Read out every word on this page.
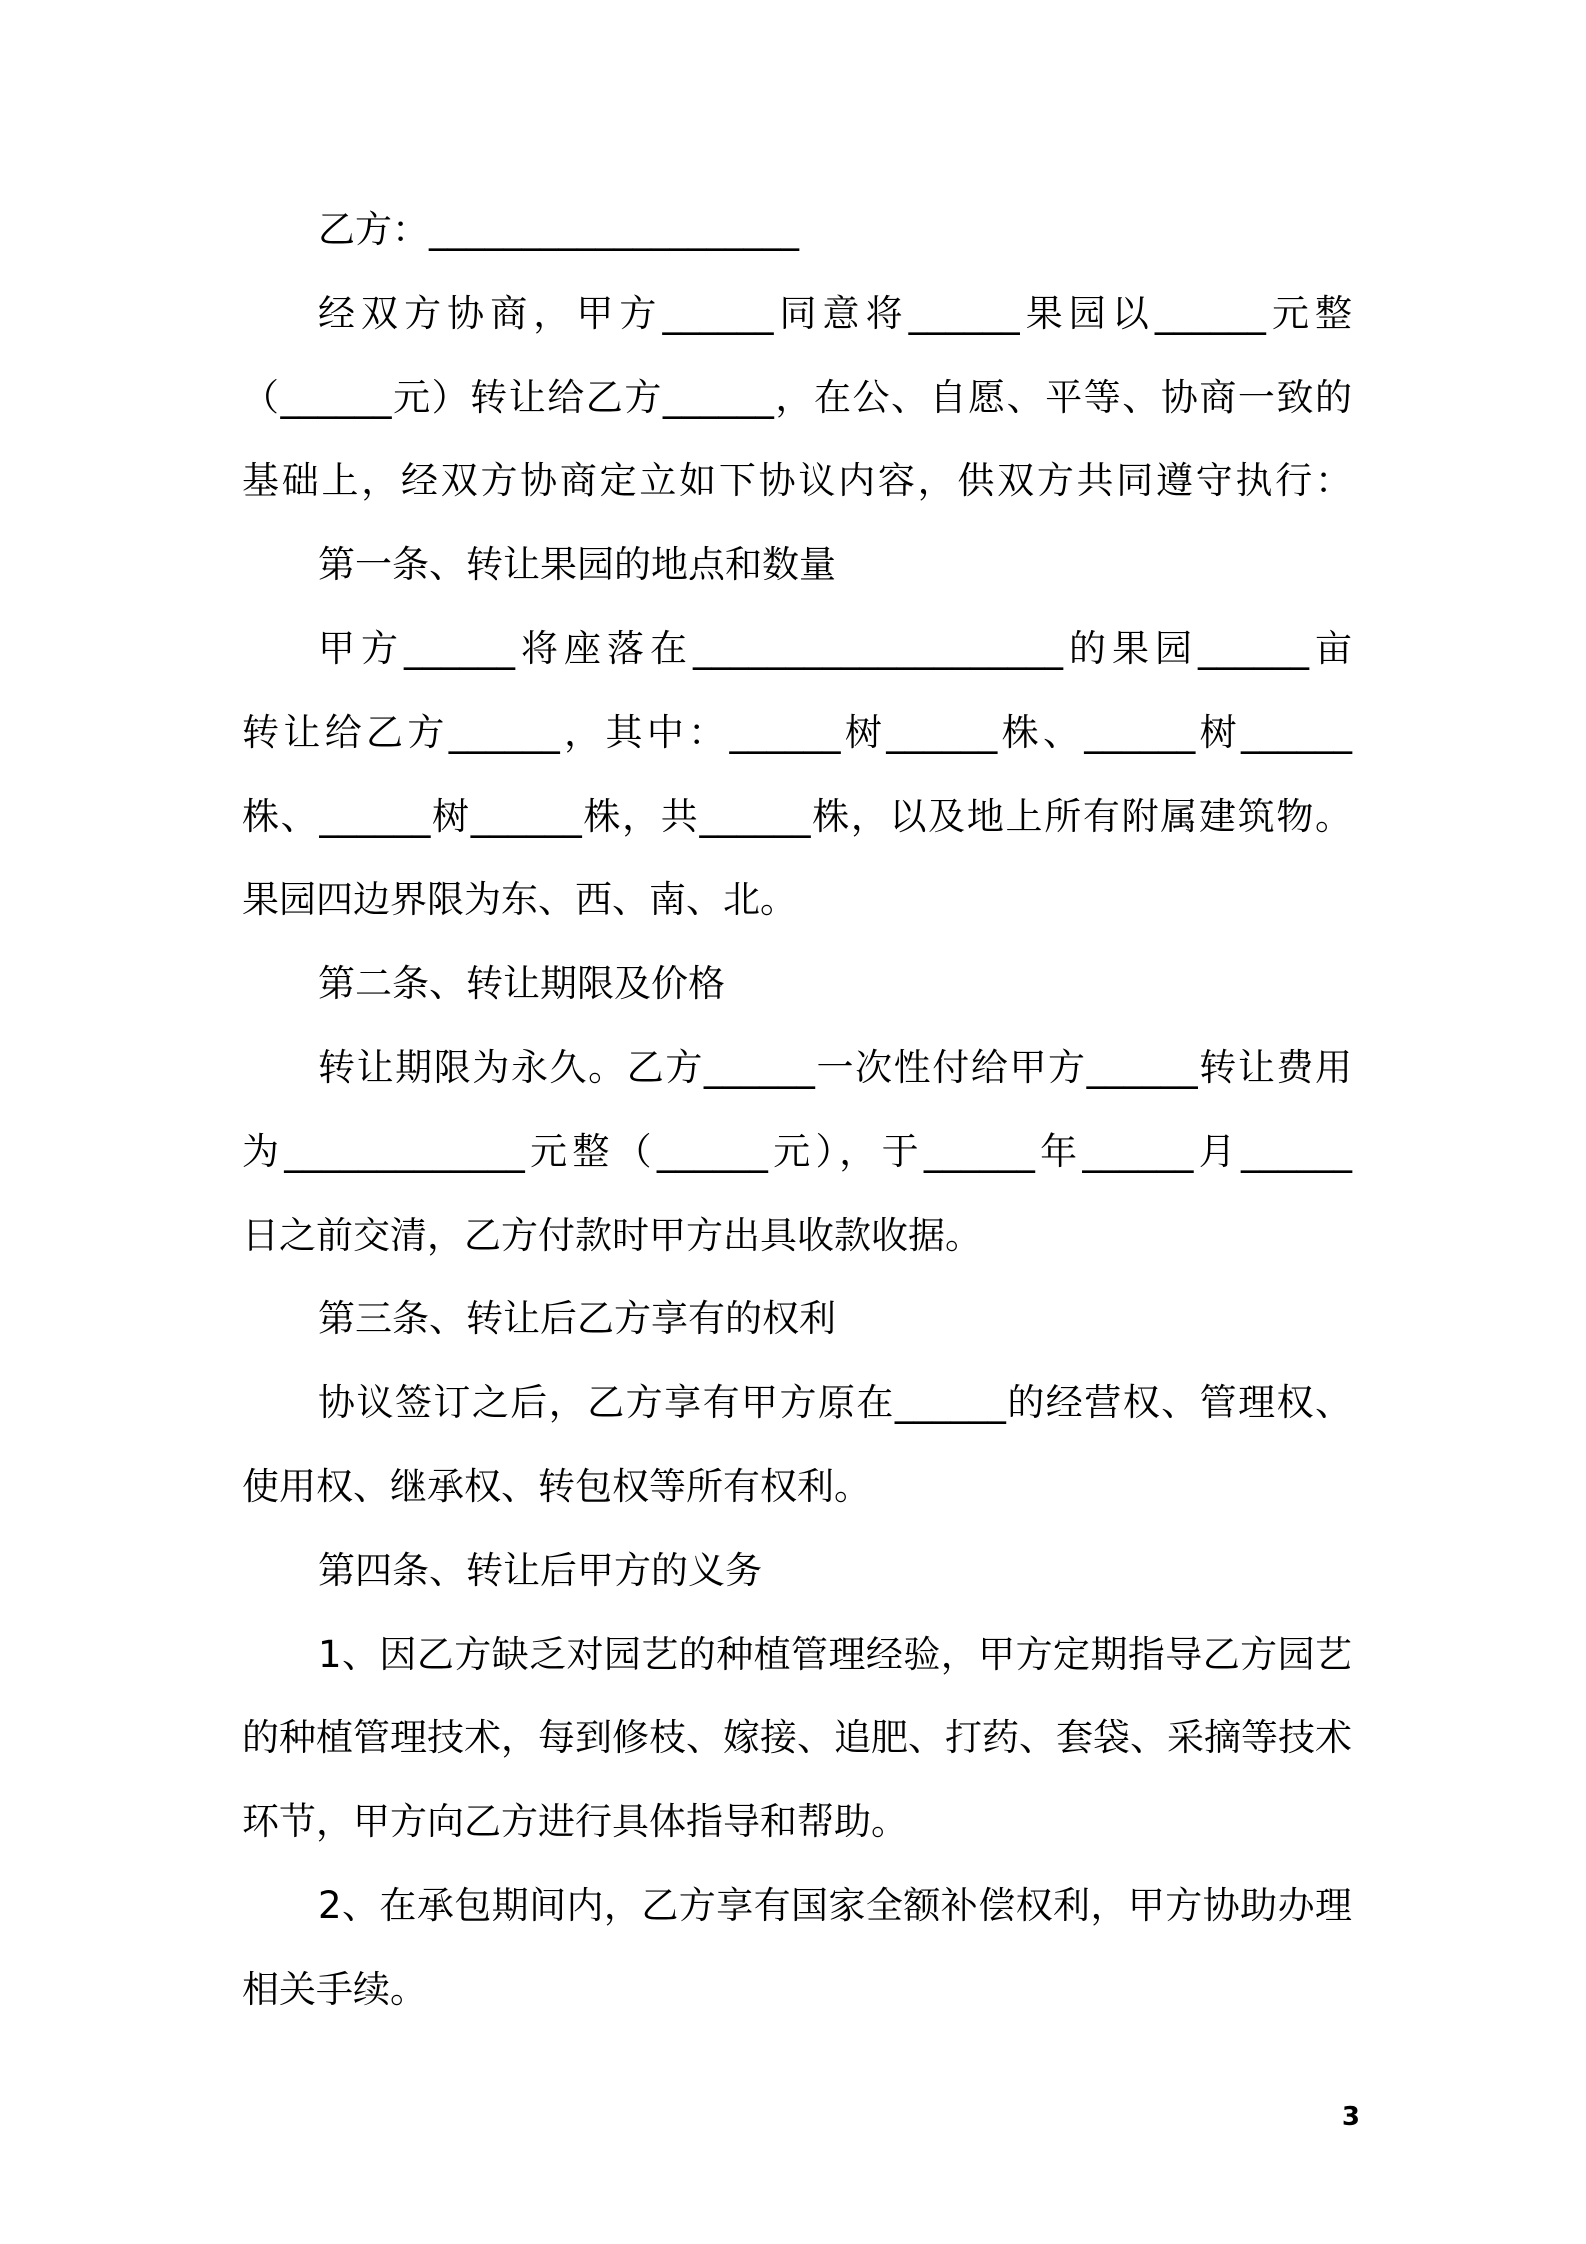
乙方：____________________
经双方协商，甲方______同意将______果园以______元整
（______元）转让给乙方______，在公、自愿、平等、协商一致的
基础上，经双方协商定立如下协议内容，供双方共同遵守执行：
第一条、转让果园的地点和数量
甲方______将座落在____________________的果园______亩
转让给乙方______，其中：______树______株、______树______
株、______树______株，共______株，以及地上所有附属建筑物。
果园四边界限为东、西、南、北。
第二条、转让期限及价格
转让期限为永久。乙方______一次性付给甲方______转让费用
为_____________元整（______元），于______年______月______
日之前交清，乙方付款时甲方出具收款收据。
第三条、转让后乙方享有的权利
协议签订之后，乙方享有甲方原在______的经营权、管理权、
使用权、继承权、转包权等所有权利。
第四条、转让后甲方的义务
1、因乙方缺乏对园艺的种植管理经验，甲方定期指导乙方园艺
的种植管理技术，每到修枝、嫁接、追肥、打药、套袋、采摘等技术
环节，甲方向乙方进行具体指导和帮助。
2、在承包期间内，乙方享有国家全额补偿权利，甲方协助办理
相关手续。
3
